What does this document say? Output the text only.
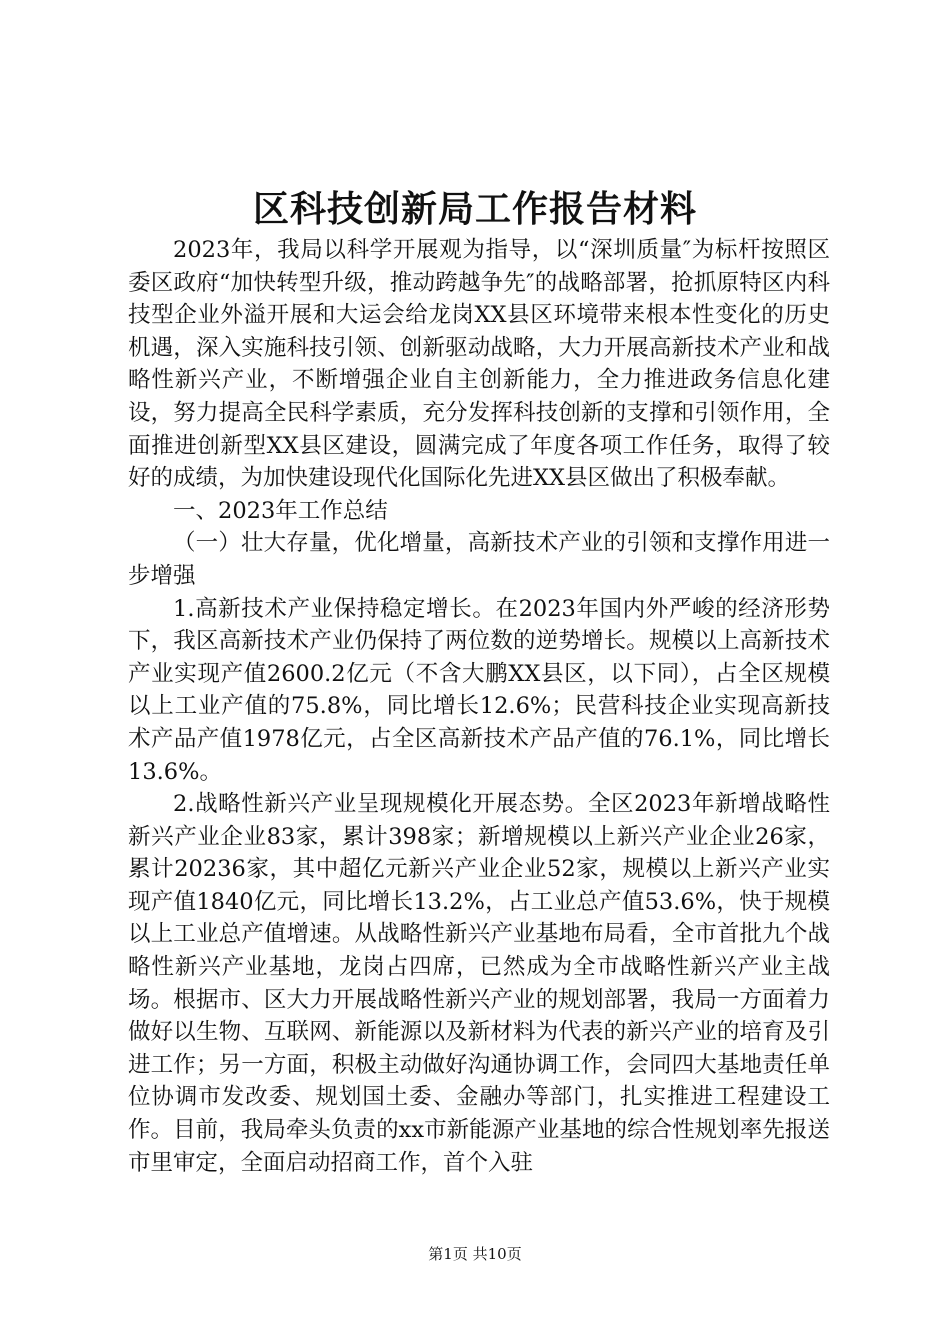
区科技创新局工作报告材料

2023年，我局以科学开展观为指导，以“深圳质量″为标杆按照区委区政府“加快转型升级，推动跨越争先″的战略部署，抢抓原特区内科技型企业外溢开展和大运会给龙岗XX县区环境带来根本性变化的历史机遇，深入实施科技引领、创新驱动战略，大力开展高新技术产业和战略性新兴产业，不断增强企业自主创新能力，全力推进政务信息化建设，努力提高全民科学素质，充分发挥科技创新的支撑和引领作用，全面推进创新型XX县区建设，圆满完成了年度各项工作任务，取得了较好的成绩，为加快建设现代化国际化先进XX县区做出了积极奉献。

一、2023年工作总结

（一）壮大存量，优化增量，高新技术产业的引领和支撑作用进一步增强

1.高新技术产业保持稳定增长。在2023年国内外严峻的经济形势下，我区高新技术产业仍保持了两位数的逆势增长。规模以上高新技术产业实现产值2600.2亿元（不含大鹏XX县区，以下同），占全区规模以上工业产值的75.8%，同比增长12.6%；民营科技企业实现高新技术产品产值1978亿元，占全区高新技术产品产值的76.1%，同比增长13.6%。

2.战略性新兴产业呈现规模化开展态势。全区2023年新增战略性新兴产业企业83家，累计398家；新增规模以上新兴产业企业26家，累计20236家，其中超亿元新兴产业企业52家，规模以上新兴产业实现产值1840亿元，同比增长13.2%，占工业总产值53.6%，快于规模以上工业总产值增速。从战略性新兴产业基地布局看，全市首批九个战略性新兴产业基地，龙岗占四席，已然成为全市战略性新兴产业主战场。根据市、区大力开展战略性新兴产业的规划部署，我局一方面着力做好以生物、互联网、新能源以及新材料为代表的新兴产业的培育及引进工作；另一方面，积极主动做好沟通协调工作，会同四大基地责任单位协调市发改委、规划国土委、金融办等部门，扎实推进工程建设工作。目前，我局牵头负责的xx市新能源产业基地的综合性规划率先报送市里审定，全面启动招商工作，首个入驻

第1页 共10页
